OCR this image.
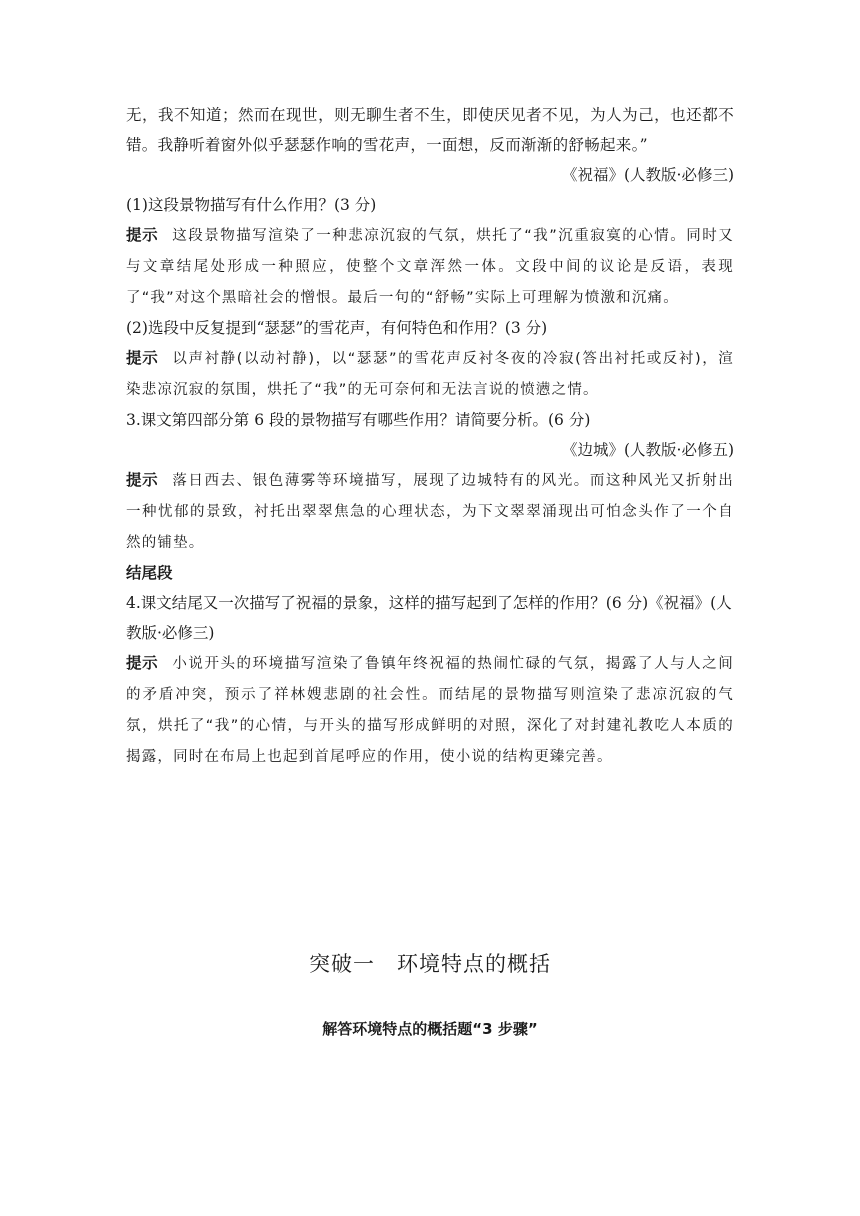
无，我不知道；然而在现世，则无聊生者不生，即使厌见者不见，为人为己，也还都不错。我静听着窗外似乎瑟瑟作响的雪花声，一面想，反而渐渐的舒畅起来。”

《祝福》(人教版·必修三)

(1)这段景物描写有什么作用？(3 分)

提示 这段景物描写渲染了一种悲凉沉寂的气氛，烘托了“我”沉重寂寞的心情。同时又与文章结尾处形成一种照应，使整个文章浑然一体。文段中间的议论是反语，表现了“我”对这个黑暗社会的憎恨。最后一句的“舒畅”实际上可理解为愤激和沉痛。

(2)选段中反复提到“瑟瑟”的雪花声，有何特色和作用？(3 分)

提示 以声衬静(以动衬静)，以“瑟瑟”的雪花声反衬冬夜的冷寂(答出衬托或反衬)，渲染悲凉沉寂的氛围，烘托了“我”的无可奈何和无法言说的愤懑之情。

3.课文第四部分第 6 段的景物描写有哪些作用？请简要分析。(6 分)

《边城》(人教版·必修五)

提示 落日西去、银色薄雾等环境描写，展现了边城特有的风光。而这种风光又折射出一种忧郁的景致，衬托出翠翠焦急的心理状态，为下文翠翠涌现出可怕念头作了一个自然的铺垫。

结尾段

4.课文结尾又一次描写了祝福的景象，这样的描写起到了怎样的作用？(6 分)《祝福》(人教版·必修三)

提示 小说开头的环境描写渲染了鲁镇年终祝福的热闹忙碌的气氛，揭露了人与人之间的矛盾冲突，预示了祥林嫂悲剧的社会性。而结尾的景物描写则渲染了悲凉沉寂的气氛，烘托了“我”的心情，与开头的描写形成鲜明的对照，深化了对封建礼教吃人本质的揭露，同时在布局上也起到首尾呼应的作用，使小说的结构更臻完善。

突破一　环境特点的概括
解答环境特点的概括题“3 步骤”
